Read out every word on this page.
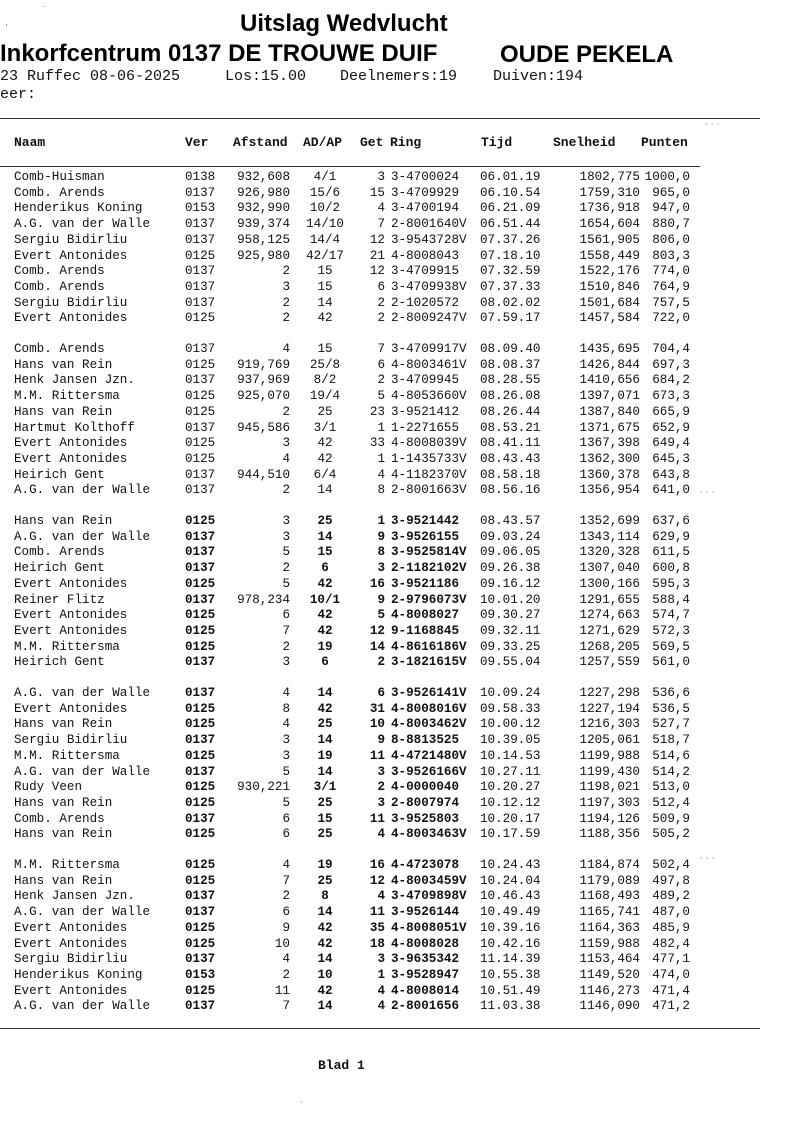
Uitslag Wedvlucht
Inkorfcentrum 0137 DE TROUWE DUIF	OUDE PEKELA
23 Ruffec 08-06-2025	Los:15.00 Deelnemers:19 Duiven:194
eer:
Naam	Ver Afstand AD/AP Get Ring	Tijd	Snelheid Punten
Comb-Huisman	0138	932,608	4/1	3 3-4700024 06.01.19	1802,775 1000,0
Comb. Arends	0137	926,980	15/6	15 3-4709929 06.10.54	1759,310 965,0
Henderikus Koning	0153	932,990	10/2	4 3-4700194 06.21.09	1736,918 947,0
A.G. van der Walle	0137	939,374	14/10	7 2-8001640V 06.51.44	1654,604 880,7
Sergiu Bidirliu	0137	958,125	14/4	12 3-9543728V 07.37.26	1561,905 806,0
Evert Antonides	0125	925,980	42/17	21 4-8008043 07.18.10	1558,449 803,3
Comb. Arends	0137	2	15	12 3-4709915 07.32.59	1522,176 774,0
Comb. Arends	0137	3	15	6 3-4709938V 07.37.33	1510,846 764,9
Sergiu Bidirliu	0137	2	14	2 2-1020572 08.02.02	1501,684 757,5
Evert Antonides	0125	2	42	2 2-8009247V 07.59.17	1457,584 722,0
Comb. Arends	0137	4	15	7 3-4709917V 08.09.40	1435,695 704,4
Hans van Rein	0125	919,769	25/8	6 4-8003461V 08.08.37	1426,844 697,3
Henk Jansen Jzn.	0137	937,969	8/2	2 3-4709945 08.28.55	1410,656 684,2
M.M. Rittersma	0125	925,070	19/4	5 4-8053660V 08.26.08	1397,071 673,3
Hans van Rein	0125	2	25	23 3-9521412 08.26.44	1387,840 665,9
Hartmut Kolthoff	0137	945,586	3/1	1 1-2271655 08.53.21	1371,675 652,9
Evert Antonides	0125	3	42	33 4-8008039V 08.41.11	1367,398 649,4
Evert Antonides	0125	4	42	1 1-1435733V 08.43.43	1362,300 645,3
Heirich Gent	0137	944,510	6/4	4 4-1182370V 08.58.18	1360,378 643,8
A.G. van der Walle	0137	2	14	8 2-8001663V 08.56.16	1356,954 641,0
Hans van Rein	0125	3	25	1 3-9521442 08.43.57	1352,699 637,6
A.G. van der Walle	0137	3	14	9 3-9526155 09.03.24	1343,114 629,9
Comb. Arends	0137	5	15	8 3-9525814V 09.06.05	1320,328 611,5
Heirich Gent	0137	2	6	3 2-1182102V 09.26.38	1307,040 600,8
Evert Antonides	0125	5	42	16 3-9521186 09.16.12	1300,166 595,3
Reiner Flitz	0137	978,234	10/1	9 2-9796073V 10.01.20	1291,655 588,4
Evert Antonides	0125	6	42	5 4-8008027 09.30.27	1274,663 574,7
Evert Antonides	0125	7	42	12 9-1168845 09.32.11	1271,629 572,3
M.M. Rittersma	0125	2	19	14 4-8616186V 09.33.25	1268,205 569,5
Heirich Gent	0137	3	6	2 3-1821615V 09.55.04	1257,559 561,0
A.G. van der Walle	0137	4	14	6 3-9526141V 10.09.24	1227,298 536,6
Evert Antonides	0125	8	42	31 4-8008016V 09.58.33	1227,194 536,5
Hans van Rein	0125	4	25	10 4-8003462V 10.00.12	1216,303 527,7
Sergiu Bidirliu	0137	3	14	9 8-8813525 10.39.05	1205,061 518,7
M.M. Rittersma	0125	3	19	11 4-4721480V 10.14.53	1199,988 514,6
A.G. van der Walle	0137	5	14	3 3-9526166V 10.27.11	1199,430 514,2
Rudy Veen	0125	930,221	3/1	2 4-0000040 10.20.27	1198,021 513,0
Hans van Rein	0125	5	25	3 2-8007974 10.12.12	1197,303 512,4
Comb. Arends	0137	6	15	11 3-9525803 10.20.17	1194,126 509,9
Hans van Rein	0125	6	25	4 4-8003463V 10.17.59	1188,356 505,2
M.M. Rittersma	0125	4	19	16 4-4723078 10.24.43	1184,874 502,4
Hans van Rein	0125	7	25	12 4-8003459V 10.24.04	1179,089 497,8
Henk Jansen Jzn.	0137	2	8	4 3-4709898V 10.46.43	1168,493 489,2
A.G. van der Walle	0137	6	14	11 3-9526144 10.49.49	1165,741 487,0
Evert Antonides	0125	9	42	35 4-8008051V 10.39.16	1164,363 485,9
Evert Antonides	0125	10	42	18 4-8008028 10.42.16	1159,988 482,4
Sergiu Bidirliu	0137	4	14	3 3-9635342 11.14.39	1153,464 477,1
Henderikus Koning	0153	2	10	1 3-9528947 10.55.38	1149,520 474,0
Evert Antonides	0125	11	42	4 4-8008014 10.51.49	1146,273 471,4
A.G. van der Walle	0137	7	14	4 2-8001656 11.03.38	1146,090 471,2
Blad 1
,
˙
· · ·
· · ·
· · ·
·
